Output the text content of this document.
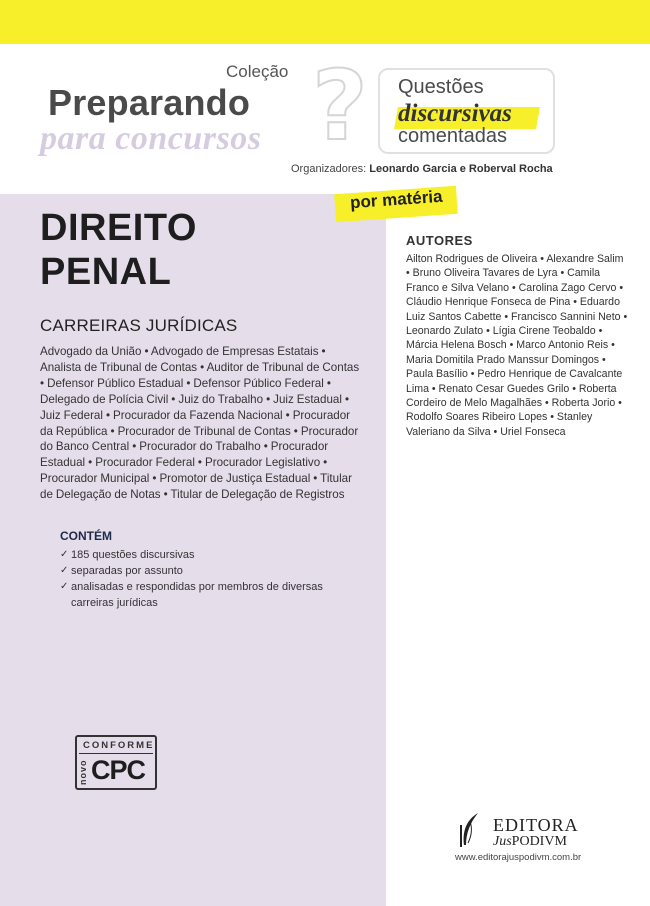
Coleção
Preparando
para concursos ? Questões
discursivas
comentadas
Organizadores: Leonardo Garcia e Roberval Rocha
por matéria
DIREITO
PENAL
CARREIRAS JURÍDICAS
Advogado da União • Advogado de Empresas Estatais • Analista de Tribunal de Contas • Auditor de Tribunal de Contas • Defensor Público Estadual • Defensor Público Federal • Delegado de Polícia Civil • Juiz do Trabalho • Juiz Estadual • Juiz Federal • Procurador da Fazenda Nacional • Procurador da República • Procurador de Tribunal de Contas • Procurador do Banco Central • Procurador do Trabalho • Procurador Estadual • Procurador Federal • Procurador Legislativo • Procurador Municipal • Promotor de Justiça Estadual • Titular de Delegação de Notas • Titular de Delegação de Registros
CONTÉM
✓ 185 questões discursivas
✓ separadas por assunto
✓ analisadas e respondidas por membros de diversas carreiras jurídicas
CONFORME
novo CPC
AUTORES
Ailton Rodrigues de Oliveira • Alexandre Salim • Bruno Oliveira Tavares de Lyra • Camila Franco e Silva Velano • Carolina Zago Cervo • Cláudio Henrique Fonseca de Pina • Eduardo Luiz Santos Cabette • Francisco Sannini Neto • Leonardo Zulato • Lígia Cirene Teobaldo • Márcia Helena Bosch • Marco Antonio Reis • Maria Domitila Prado Manssur Domingos • Paula Basílio • Pedro Henrique de Cavalcante Lima • Renato Cesar Guedes Grilo • Roberta Cordeiro de Melo Magalhães • Roberta Jorio • Rodolfo Soares Ribeiro Lopes • Stanley Valeriano da Silva • Uriel Fonseca
EDITORA
JusPODIVM
www.editorajuspodivm.com.br
